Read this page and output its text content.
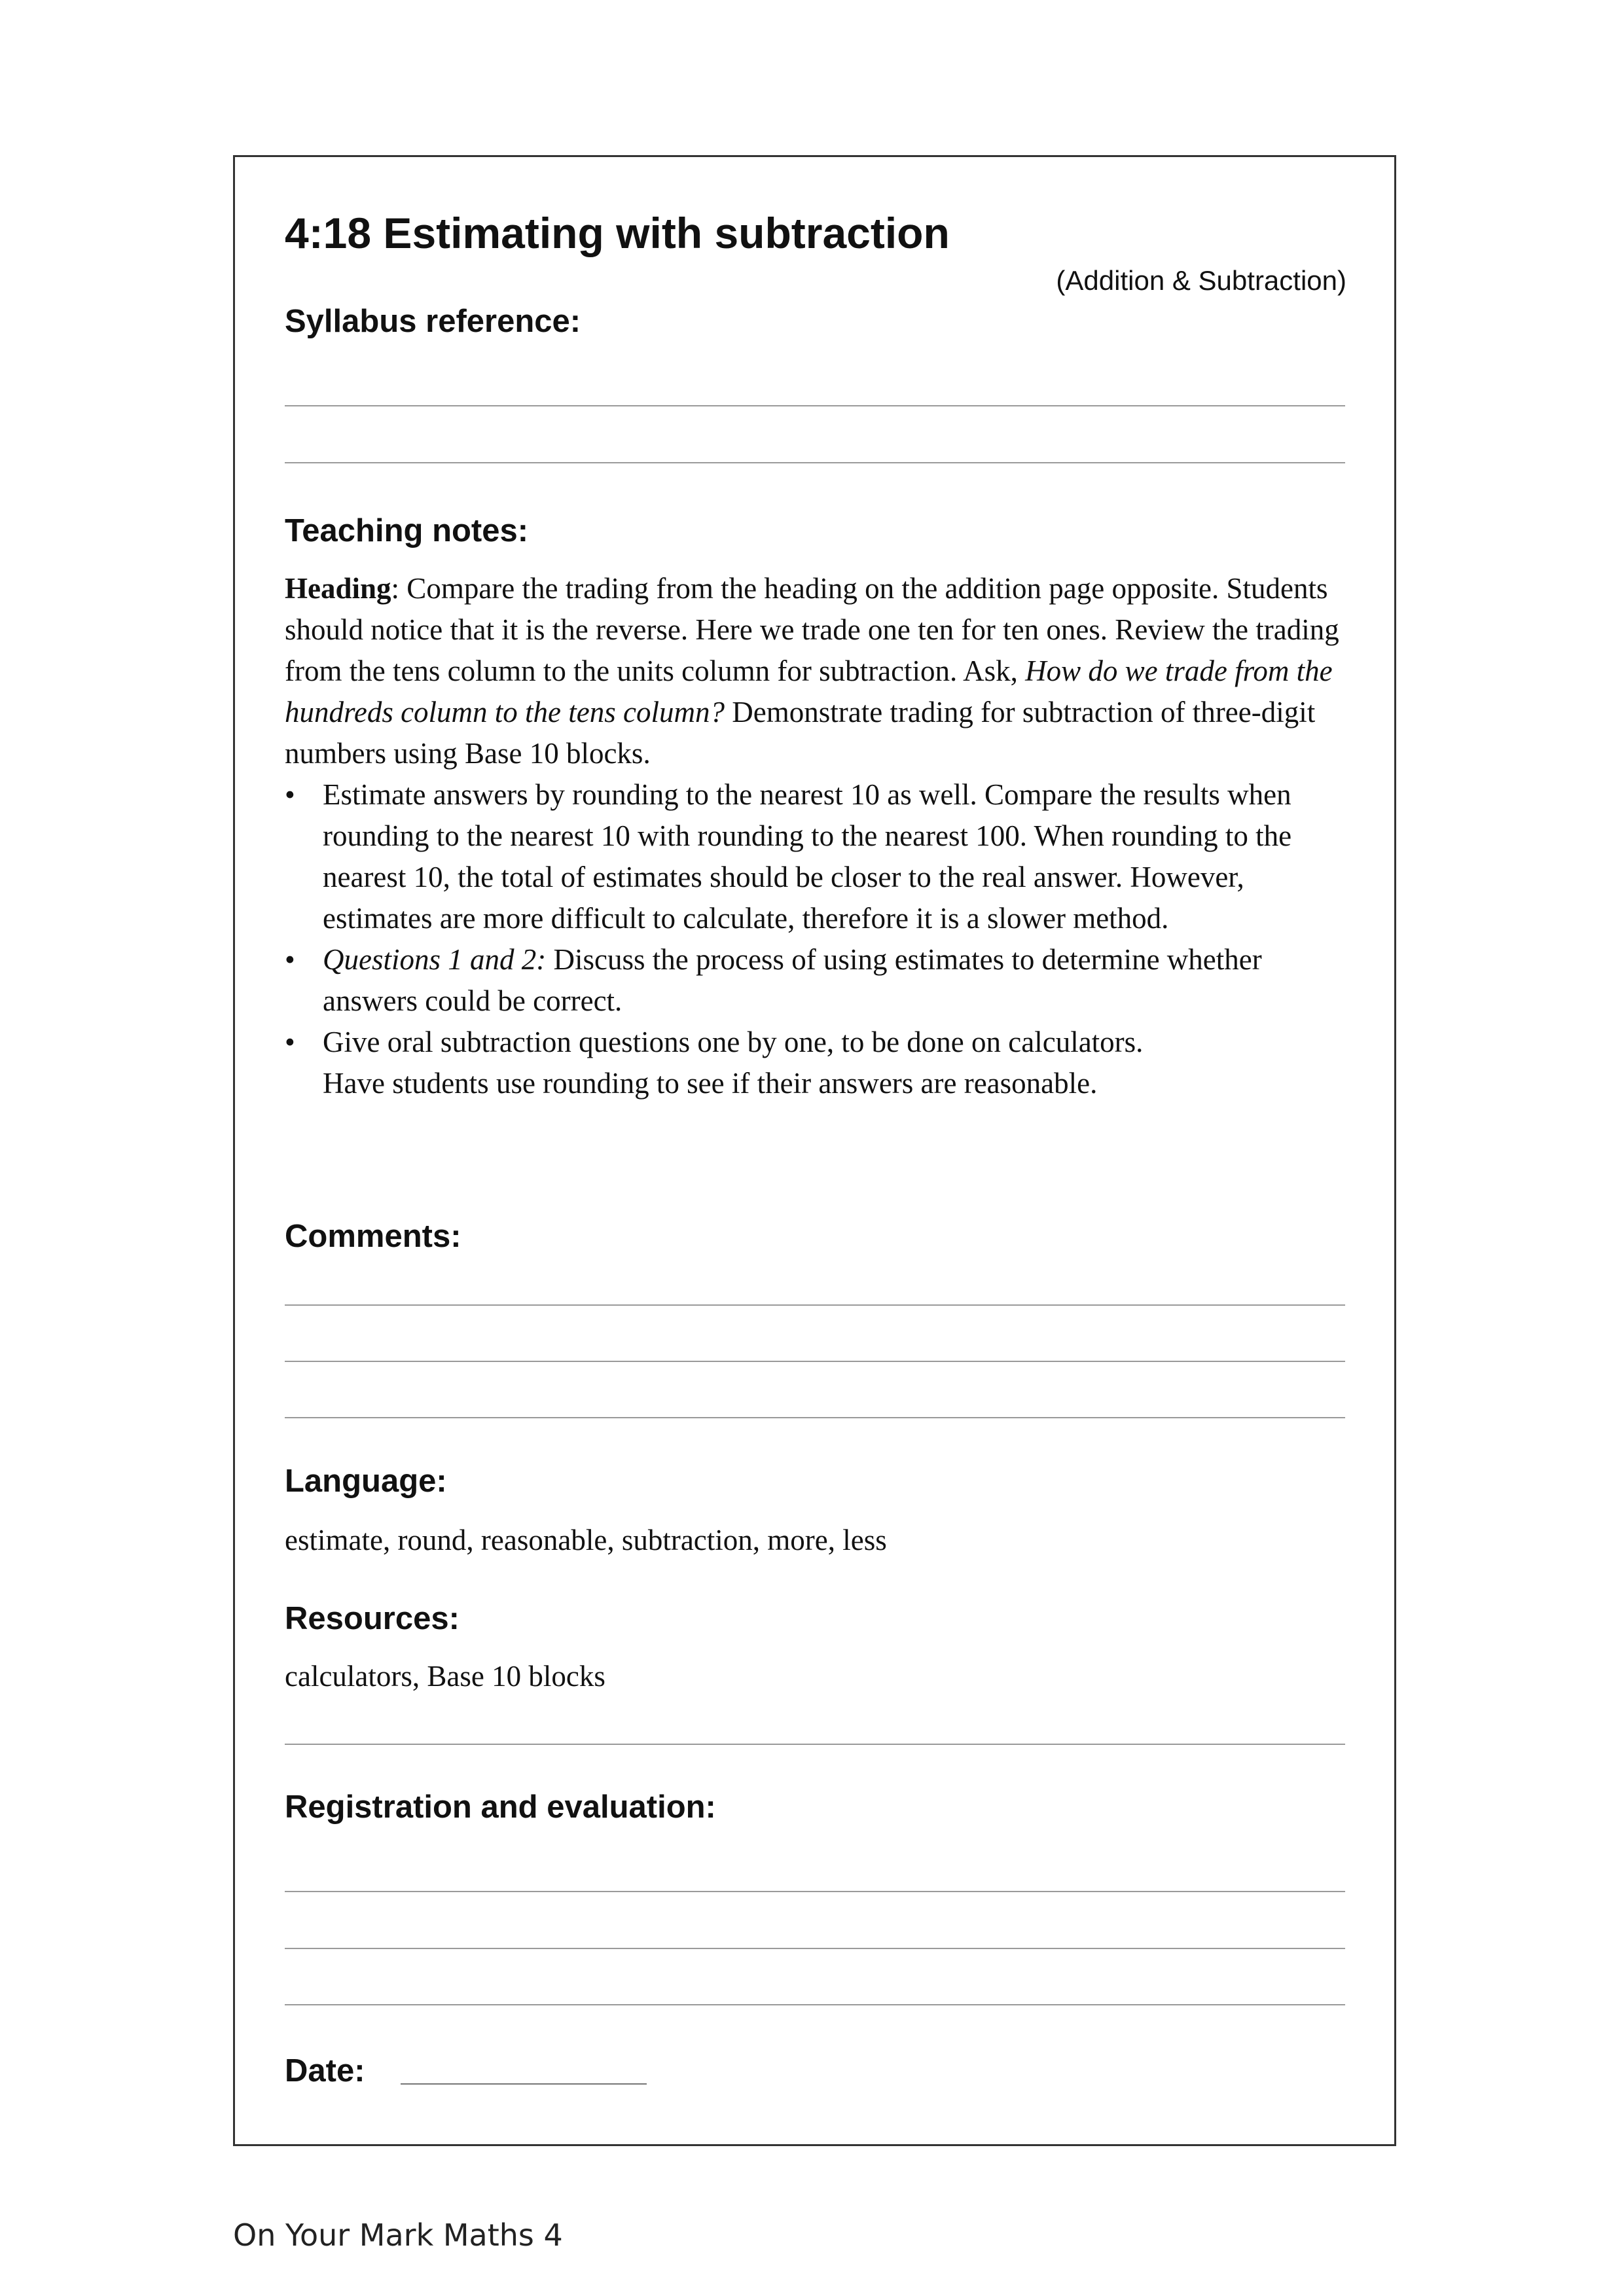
4:18 Estimating with subtraction
(Addition & Subtraction)
Syllabus reference:
Teaching notes:

Heading: Compare the trading from the heading on the addition page opposite. Students should notice that it is the reverse. Here we trade one ten for ten ones. Review the trading from the tens column to the units column for subtraction. Ask, How do we trade from the hundreds column to the tens column? Demonstrate trading for subtraction of three-digit numbers using Base 10 blocks.

• Estimate answers by rounding to the nearest 10 as well. Compare the results when rounding to the nearest 10 with rounding to the nearest 100. When rounding to the nearest 10, the total of estimates should be closer to the real answer. However, estimates are more difficult to calculate, therefore it is a slower method.
• Questions 1 and 2: Discuss the process of using estimates to determine whether answers could be correct.
• Give oral subtraction questions one by one, to be done on calculators.
Have students use rounding to see if their answers are reasonable.
Comments:
Language:
estimate, round, reasonable, subtraction, more, less
Resources:
calculators, Base 10 blocks
Registration and evaluation:
Date:
On Your Mark Maths 4
